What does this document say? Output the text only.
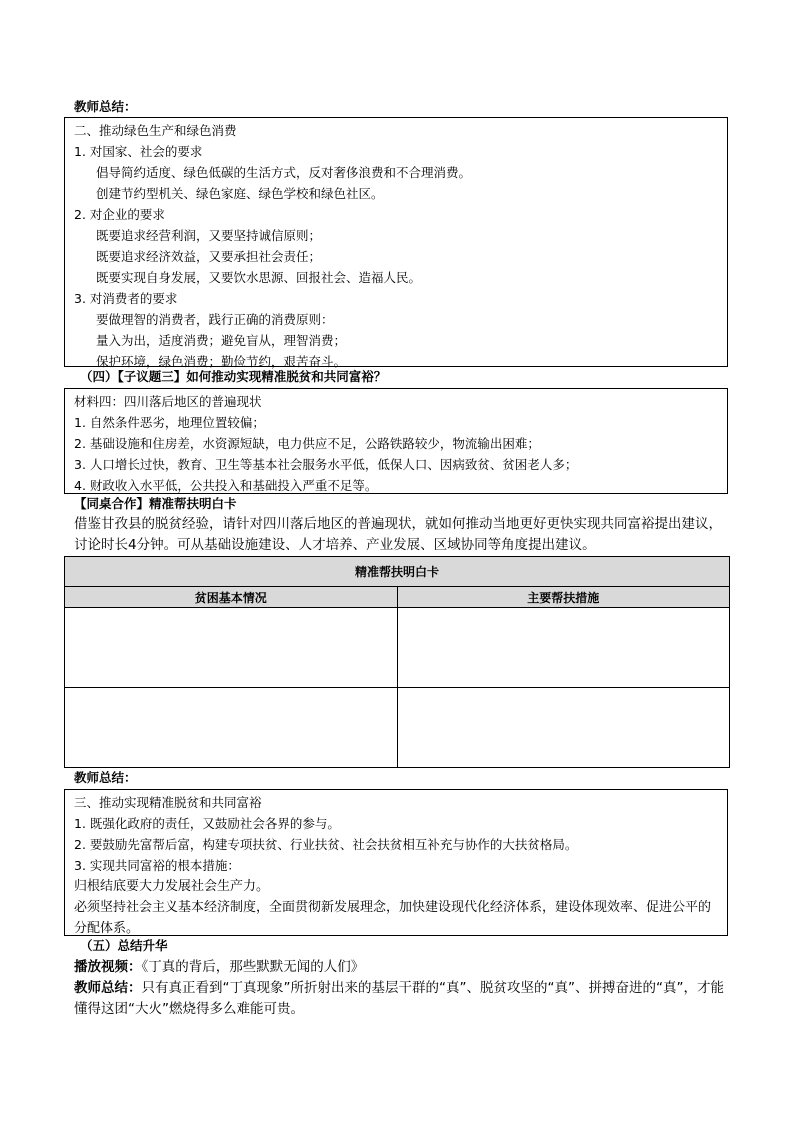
教师总结：
二、推动绿色生产和绿色消费
1. 对国家、社会的要求
倡导简约适度、绿色低碳的生活方式，反对奢侈浪费和不合理消费。
创建节约型机关、绿色家庭、绿色学校和绿色社区。
2. 对企业的要求
既要追求经营利润，又要坚持诚信原则；
既要追求经济效益，又要承担社会责任；
既要实现自身发展，又要饮水思源、回报社会、造福人民。
3. 对消费者的要求
要做理智的消费者，践行正确的消费原则：
量入为出，适度消费；避免盲从，理智消费；
保护环境，绿色消费；勤俭节约，艰苦奋斗。
（四）【子议题三】如何推动实现精准脱贫和共同富裕？
材料四：四川落后地区的普遍现状
1. 自然条件恶劣，地理位置较偏；
2. 基础设施和住房差，水资源短缺，电力供应不足，公路铁路较少，物流输出困难；
3. 人口增长过快，教育、卫生等基本社会服务水平低，低保人口、因病致贫、贫困老人多；
4. 财政收入水平低，公共投入和基础投入严重不足等。
【同桌合作】精准帮扶明白卡
借鉴甘孜县的脱贫经验，请针对四川落后地区的普遍现状，就如何推动当地更好更快实现共同富裕提出建议，讨论时长4分钟。可从基础设施建设、人才培养、产业发展、区域协同等角度提出建议。
精准帮扶明白卡	
贫困基本情况	主要帮扶措施

教师总结：
三、推动实现精准脱贫和共同富裕
1. 既强化政府的责任，又鼓励社会各界的参与。
2. 要鼓励先富帮后富，构建专项扶贫、行业扶贫、社会扶贫相互补充与协作的大扶贫格局。
3. 实现共同富裕的根本措施：
归根结底要大力发展社会生产力。
必须坚持社会主义基本经济制度，全面贯彻新发展理念，加快建设现代化经济体系，建设体现效率、促进公平的分配体系。
（五）总结升华
播放视频：《丁真的背后，那些默默无闻的人们》
教师总结：只有真正看到“丁真现象”所折射出来的基层干群的“真”、脱贫攻坚的“真”、拼搏奋进的“真”，才能懂得这团“大火”燃烧得多么难能可贵。
